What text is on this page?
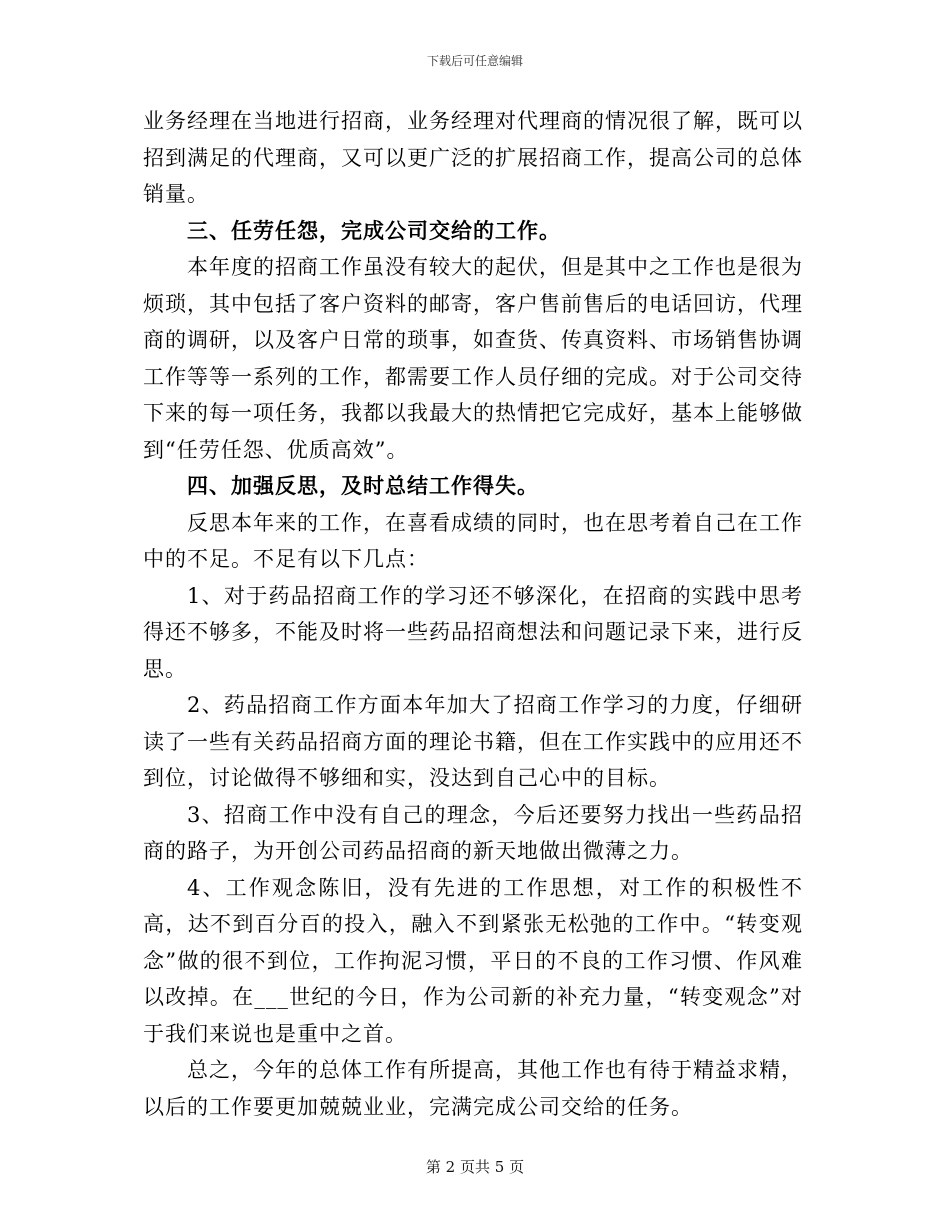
下载后可任意编辑

业务经理在当地进行招商，业务经理对代理商的情况很了解，既可以招到满足的代理商，又可以更广泛的扩展招商工作，提高公司的总体销量。

三、任劳任怨，完成公司交给的工作。

本年度的招商工作虽没有较大的起伏，但是其中之工作也是很为烦琐，其中包括了客户资料的邮寄，客户售前售后的电话回访，代理商的调研，以及客户日常的琐事，如查货、传真资料、市场销售协调工作等等一系列的工作，都需要工作人员仔细的完成。对于公司交待下来的每一项任务，我都以我最大的热情把它完成好，基本上能够做到“任劳任怨、优质高效”。

四、加强反思，及时总结工作得失。

反思本年来的工作，在喜看成绩的同时，也在思考着自己在工作中的不足。不足有以下几点：

1、对于药品招商工作的学习还不够深化，在招商的实践中思考得还不够多，不能及时将一些药品招商想法和问题记录下来，进行反思。

2、药品招商工作方面本年加大了招商工作学习的力度，仔细研读了一些有关药品招商方面的理论书籍，但在工作实践中的应用还不到位，讨论做得不够细和实，没达到自己心中的目标。

3、招商工作中没有自己的理念，今后还要努力找出一些药品招商的路子，为开创公司药品招商的新天地做出微薄之力。

4、工作观念陈旧，没有先进的工作思想，对工作的积极性不高，达不到百分百的投入，融入不到紧张无松弛的工作中。“转变观念”做的很不到位，工作拘泥习惯，平日的不良的工作习惯、作风难以改掉。在___世纪的今日，作为公司新的补充力量，“转变观念”对于我们来说也是重中之首。

总之，今年的总体工作有所提高，其他工作也有待于精益求精，以后的工作要更加兢兢业业，完满完成公司交给的任务。

第 2 页共 5 页
